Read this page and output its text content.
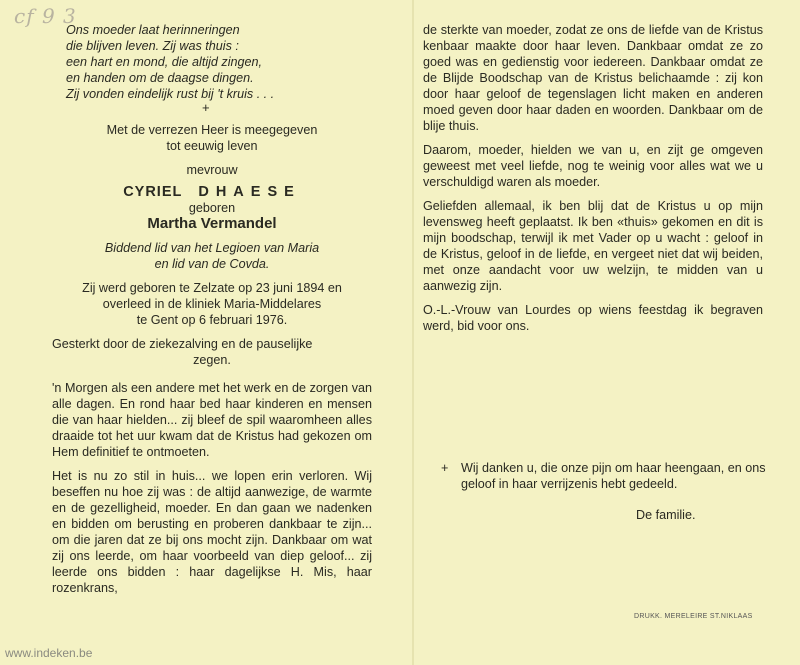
cf 9 3
Ons moeder laat herinneringen
die blijven leven. Zij was thuis :
een hart en mond, die altijd zingen,
en handen om de daagse dingen.
Zij vonden eindelijk rust bij 't kruis . . .
+
Met de verrezen Heer is meegegeven
tot eeuwig leven
mevrouw
CYRIEL DHAESE
geboren
Martha Vermandel
Biddend lid van het Legioen van Maria
en lid van de Covda.
Zij werd geboren te Zelzate op 23 juni 1894 en
overleed in de kliniek Maria-Middelares
te Gent op 6 februari 1976.
Gesterkt door de ziekezalving en de pauselijke
zegen.
'n Morgen als een andere met het werk en de zorgen van alle dagen. En rond haar bed haar kinderen en mensen die van haar hielden... zij bleef de spil waaromheen alles draaide tot het uur kwam dat de Kristus had gekozen om Hem definitief te ontmoeten.
Het is nu zo stil in huis... we lopen erin verloren. Wij beseffen nu hoe zij was : de altijd aanwezige, de warmte en de gezelligheid, moeder. En dan gaan we nadenken en bidden om berusting en proberen dankbaar te zijn... om die jaren dat ze bij ons mocht zijn. Dankbaar om wat zij ons leerde, om haar voorbeeld van diep geloof... zij leerde ons bidden : haar dagelijkse H. Mis, haar rozenkrans,
de sterkte van moeder, zodat ze ons de liefde van de Kristus kenbaar maakte door haar leven. Dankbaar omdat ze zo goed was en gedienstig voor iedereen. Dankbaar omdat ze de Blijde Boodschap van de Kristus belichaamde : zij kon door haar geloof de tegenslagen licht maken en anderen moed geven door haar daden en woorden. Dankbaar om de blije thuis.
Daarom, moeder, hielden we van u, en zijt ge omgeven geweest met veel liefde, nog te weinig voor alles wat we u verschuldigd waren als moeder.
Geliefden allemaal, ik ben blij dat de Kristus u op mijn levensweg heeft geplaatst. Ik ben «thuis» gekomen en dit is mijn boodschap, terwijl ik met Vader op u wacht : geloof in de Kristus, geloof in de liefde, en vergeet niet dat wij beiden, met onze aandacht voor uw welzijn, te midden van u aanwezig zijn.
O.-L.-Vrouw van Lourdes op wiens feestdag ik begraven werd, bid voor ons.
+ Wij danken u, die onze pijn om haar heengaan, en ons geloof in haar verrijzenis hebt gedeeld.
De familie.
DRUKK. MERELEIRE ST.NIKLAAS
www.indeken.be
